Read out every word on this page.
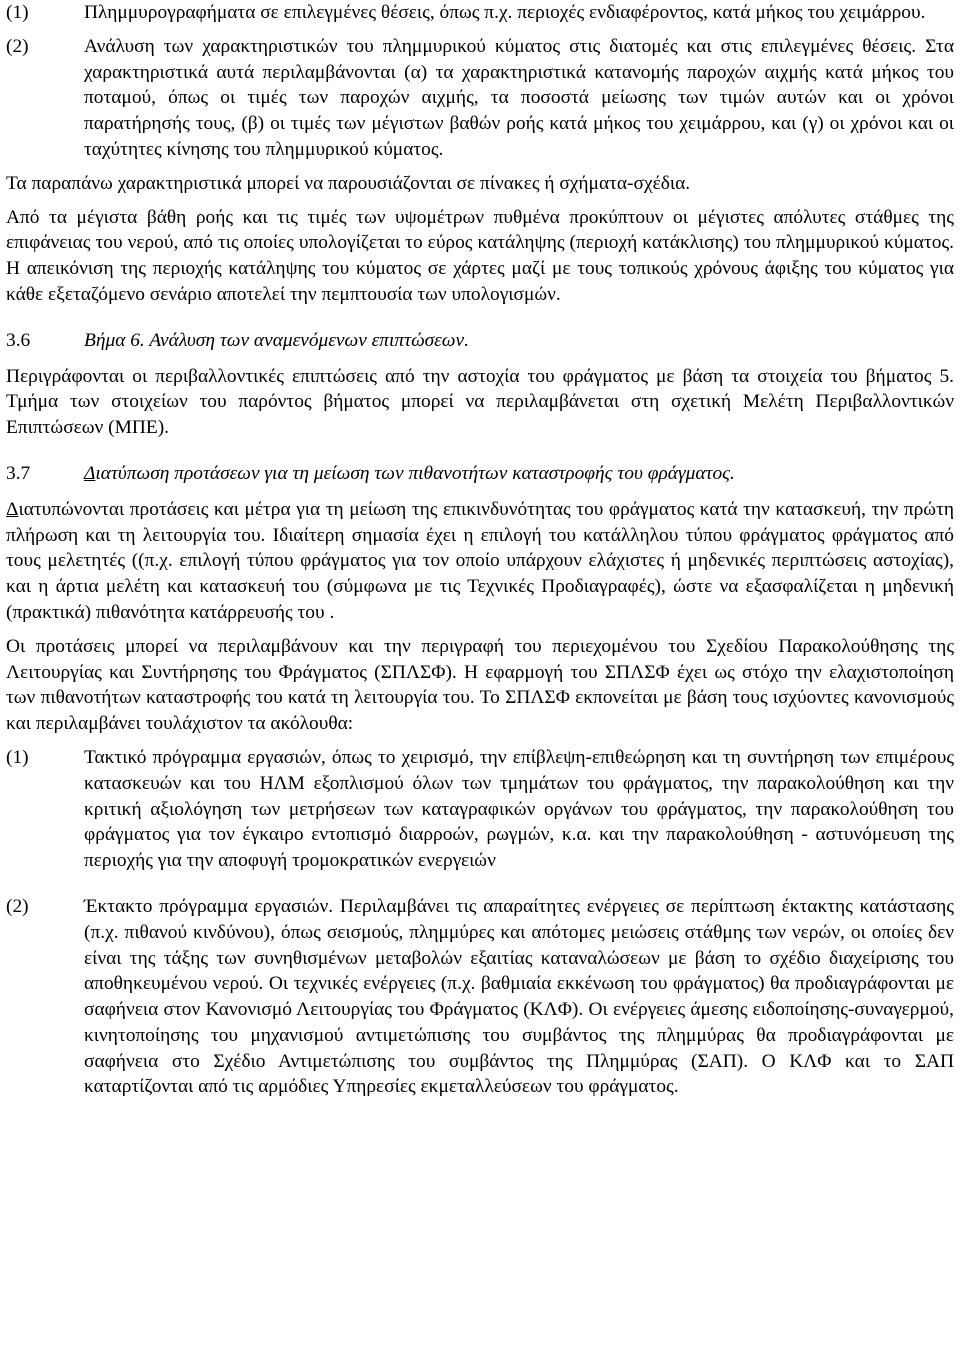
(1)	Πλημμυρογραφήματα σε επιλεγμένες θέσεις, όπως π.χ. περιοχές ενδιαφέροντος, κατά μήκος του χειμάρρου.
(2)	Ανάλυση των χαρακτηριστικών του πλημμυρικού κύματος στις διατομές και στις επιλεγμένες θέσεις. Στα χαρακτηριστικά αυτά περιλαμβάνονται (α) τα χαρακτηριστικά κατανομής παροχών αιχμής κατά μήκος του ποταμού, όπως οι τιμές των παροχών αιχμής, τα ποσοστά μείωσης των τιμών αυτών και οι χρόνοι παρατήρησής τους, (β) οι τιμές των μέγιστων βαθών ροής κατά μήκος του χειμάρρου, και (γ) οι χρόνοι και οι ταχύτητες κίνησης του πλημμυρικού κύματος.

Τα παραπάνω χαρακτηριστικά μπορεί να παρουσιάζονται σε πίνακες ή σχήματα-σχέδια.

Από τα μέγιστα βάθη ροής και τις τιμές των υψομέτρων πυθμένα προκύπτουν οι μέγιστες απόλυτες στάθμες της επιφάνειας του νερού, από τις οποίες υπολογίζεται το εύρος κατάληψης (περιοχή κατάκλισης) του πλημμυρικού κύματος. Η απεικόνιση της περιοχής κατάληψης του κύματος σε χάρτες μαζί με τους τοπικούς χρόνους άφιξης του κύματος για κάθε εξεταζόμενο σενάριο αποτελεί την πεμπτουσία των υπολογισμών.

3.6	Βήμα 6. Ανάλυση των αναμενόμενων επιπτώσεων.

Περιγράφονται οι περιβαλλοντικές επιπτώσεις από την αστοχία του φράγματος με βάση τα στοιχεία του βήματος 5. Τμήμα των στοιχείων του παρόντος βήματος μπορεί να περιλαμβάνεται στη σχετική Μελέτη Περιβαλλοντικών Επιπτώσεων (ΜΠΕ).

3.7	Διατύπωση προτάσεων για τη μείωση των πιθανοτήτων καταστροφής του φράγματος.

Διατυπώνονται προτάσεις και μέτρα για τη μείωση της επικινδυνότητας του φράγματος κατά την κατασκευή, την πρώτη πλήρωση και τη λειτουργία του. Ιδιαίτερη σημασία έχει η επιλογή του κατάλληλου τύπου φράγματος φράγματος από τους μελετητές ((π.χ. επιλογή τύπου φράγματος για τον οποίο υπάρχουν ελάχιστες ή μηδενικές περιπτώσεις αστοχίας), και η άρτια μελέτη και κατασκευή του (σύμφωνα με τις Τεχνικές Προδιαγραφές), ώστε να εξασφαλίζεται η μηδενική (πρακτικά) πιθανότητα κατάρρευσής του .

Οι προτάσεις μπορεί να περιλαμβάνουν και την περιγραφή του περιεχομένου του Σχεδίου Παρακολούθησης της Λειτουργίας και Συντήρησης του Φράγματος (ΣΠΛΣΦ). Η εφαρμογή του ΣΠΛΣΦ έχει ως στόχο την ελαχιστοποίηση των πιθανοτήτων καταστροφής του κατά τη λειτουργία του. Το ΣΠΛΣΦ εκπονείται με βάση τους ισχύοντες κανονισμούς και περιλαμβάνει τουλάχιστον τα ακόλουθα:

(1)	Τακτικό πρόγραμμα εργασιών, όπως το χειρισμό, την επίβλεψη-επιθεώρηση και τη συντήρηση των επιμέρους κατασκευών και του ΗΛΜ εξοπλισμού όλων των τμημάτων του φράγματος, την παρακολούθηση και την κριτική αξιολόγηση των μετρήσεων των καταγραφικών οργάνων του φράγματος, την παρακολούθηση του φράγματος για τον έγκαιρο εντοπισμό διαρροών, ρωγμών, κ.α. και την παρακολούθηση - αστυνόμευση της περιοχής για την αποφυγή τρομοκρατικών ενεργειών
(2)	Έκτακτο πρόγραμμα εργασιών. Περιλαμβάνει τις απαραίτητες ενέργειες σε περίπτωση έκτακτης κατάστασης (π.χ. πιθανού κινδύνου), όπως σεισμούς, πλημμύρες και απότομες μειώσεις στάθμης των νερών, οι οποίες δεν είναι της τάξης των συνηθισμένων μεταβολών εξαιτίας καταναλώσεων με βάση το σχέδιο διαχείρισης του αποθηκευμένου νερού. Οι τεχνικές ενέργειες (π.χ. βαθμιαία εκκένωση του φράγματος) θα προδιαγράφονται με σαφήνεια στον Κανονισμό Λειτουργίας του Φράγματος (ΚΛΦ). Οι ενέργειες άμεσης ειδοποίησης-συναγερμού, κινητοποίησης του μηχανισμού αντιμετώπισης του συμβάντος της πλημμύρας θα προδιαγράφονται με σαφήνεια στο Σχέδιο Αντιμετώπισης του συμβάντος της Πλημμύρας (ΣΑΠ). Ο ΚΛΦ και το ΣΑΠ καταρτίζονται από τις αρμόδιες Υπηρεσίες εκμεταλλεύσεων του φράγματος.
